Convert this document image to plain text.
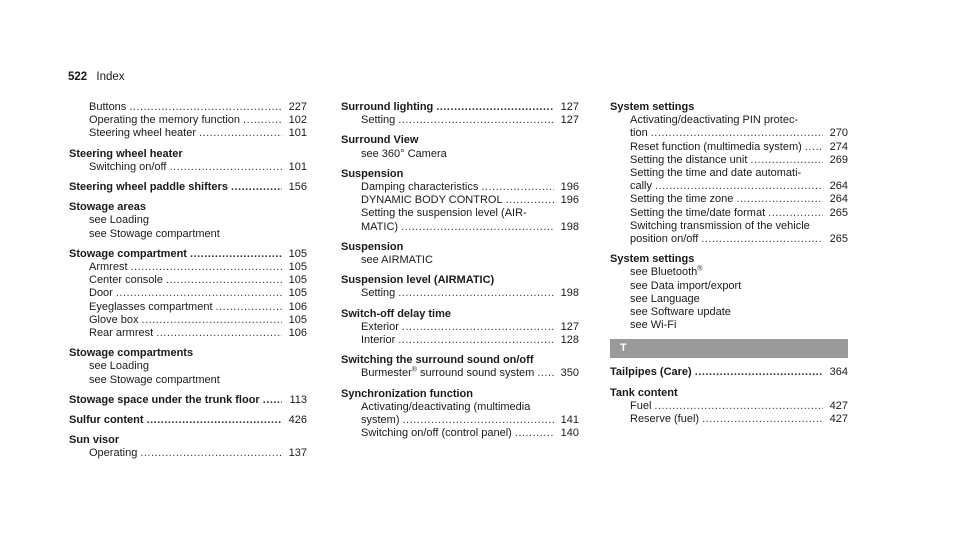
522 Index
Buttons .....	227
Operating the memory function .....	102
Steering wheel heater .....	101
Steering wheel heater
Switching on/off .....	101
Steering wheel paddle shifters .....	156
Stowage areas
see Loading
see Stowage compartment
Stowage compartment .....	105
Armrest .....	105
Center console .....	105
Door .....	105
Eyeglasses compartment .....	106
Glove box .....	105
Rear armrest .....	106
Stowage compartments
see Loading
see Stowage compartment
Stowage space under the trunk floor .....	113
Sulfur content .....	426
Sun visor
Operating .....	137
Surround lighting .....	127
Setting .....	127
Surround View
see 360° Camera
Suspension
Damping characteristics .....	196
DYNAMIC BODY CONTROL .....	196
Setting the suspension level (AIR-
MATIC) .....	198
Suspension
see AIRMATIC
Suspension level (AIRMATIC)
Setting .....	198
Switch-off delay time
Exterior .....	127
Interior .....	128
Switching the surround sound on/off
Burmester® surround sound system .....	350
Synchronization function
Activating/deactivating (multimedia
system) .....	141
Switching on/off (control panel) .....	140
System settings
Activating/deactivating PIN protec-
tion .....	270
Reset function (multimedia system) .....	274
Setting the distance unit .....	269
Setting the time and date automati-
cally .....	264
Setting the time zone .....	264
Setting the time/date format .....	265
Switching transmission of the vehicle
position on/off .....	265
System settings
see Bluetooth®
see Data import/export
see Language
see Software update
see Wi-Fi
T
Tailpipes (Care) .....	364
Tank content
Fuel .....	427
Reserve (fuel) .....	427
